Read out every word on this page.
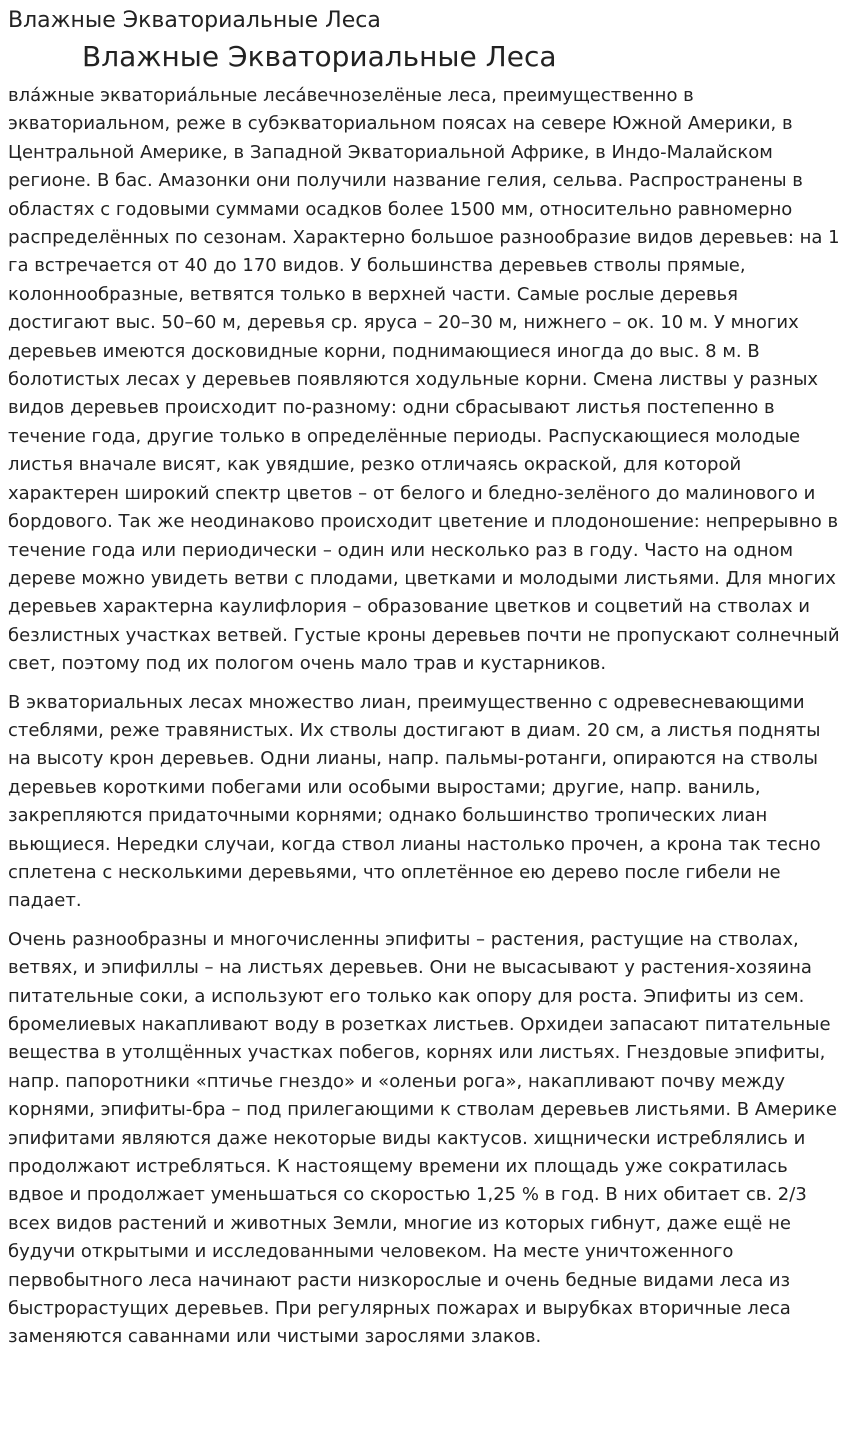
Влажные Экваториальные Леса
Влажные Экваториальные Леса

влáжные экваториáльные лесáвечнозелёные леса, преимущественно в экваториальном, реже в субэкваториальном поясах на севере Южной Америки, в Центральной Америке, в Западной Экваториальной Африке, в Индо-Малайском регионе. В бас. Амазонки они получили название гелия, сельва. Распространены в областях с годовыми суммами осадков более 1500 мм, относительно равномерно распределённых по сезонам. Характерно большое разнообразие видов деревьев: на 1 га встречается от 40 до 170 видов. У большинства деревьев стволы прямые, колоннообразные, ветвятся только в верхней части. Самые рослые деревья достигают выс. 50–60 м, деревья ср. яруса – 20–30 м, нижнего – ок. 10 м. У многих деревьев имеются досковидные корни, поднимающиеся иногда до выс. 8 м. В болотистых лесах у деревьев появляются ходульные корни. Смена листвы у разных видов деревьев происходит по-разному: одни сбрасывают листья постепенно в течение года, другие только в определённые периоды. Распускающиеся молодые листья вначале висят, как увядшие, резко отличаясь окраской, для которой характерен широкий спектр цветов – от белого и бледно-зелёного до малинового и бордового. Так же неодинаково происходит цветение и плодоношение: непрерывно в течение года или периодически – один или несколько раз в году. Часто на одном дереве можно увидеть ветви с плодами, цветками и молодыми листьями. Для многих деревьев характерна каулифлория – образование цветков и соцветий на стволах и безлистных участках ветвей. Густые кроны деревьев почти не пропускают солнечный свет, поэтому под их пологом очень мало трав и кустарников.

В экваториальных лесах множество лиан, преимущественно с одревесневающими стеблями, реже травянистых. Их стволы достигают в диам. 20 см, а листья подняты на высоту крон деревьев. Одни лианы, напр. пальмы-ротанги, опираются на стволы деревьев короткими побегами или особыми выростами; другие, напр. ваниль, закрепляются придаточными корнями; однако большинство тропических лиан вьющиеся. Нередки случаи, когда ствол лианы настолько прочен, а крона так тесно сплетена с несколькими деревьями, что оплетённое ею дерево после гибели не падает.

Очень разнообразны и многочисленны эпифиты – растения, растущие на стволах, ветвях, и эпифиллы – на листьях деревьев. Они не высасывают у растения-хозяина питательные соки, а используют его только как опору для роста. Эпифиты из сем. бромелиевых накапливают воду в розетках листьев. Орхидеи запасают питательные вещества в утолщённых участках побегов, корнях или листьях. Гнездовые эпифиты, напр. папоротники «птичье гнездо» и «оленьи рога», накапливают почву между корнями, эпифиты-бра – под прилегающими к стволам деревьев листьями. В Америке эпифитами являются даже некоторые виды кактусов. хищнически истреблялись и продолжают истребляться. К настоящему времени их площадь уже сократилась вдвое и продолжает уменьшаться со скоростью 1,25 % в год. В них обитает св. 2/3 всех видов растений и животных Земли, многие из которых гибнут, даже ещё не будучи открытыми и исследованными человеком. На месте уничтоженного первобытного леса начинают расти низкорослые и очень бедные видами леса из быстрорастущих деревьев. При регулярных пожарах и вырубках вторичные леса заменяются саваннами или чистыми зарослями злаков.
